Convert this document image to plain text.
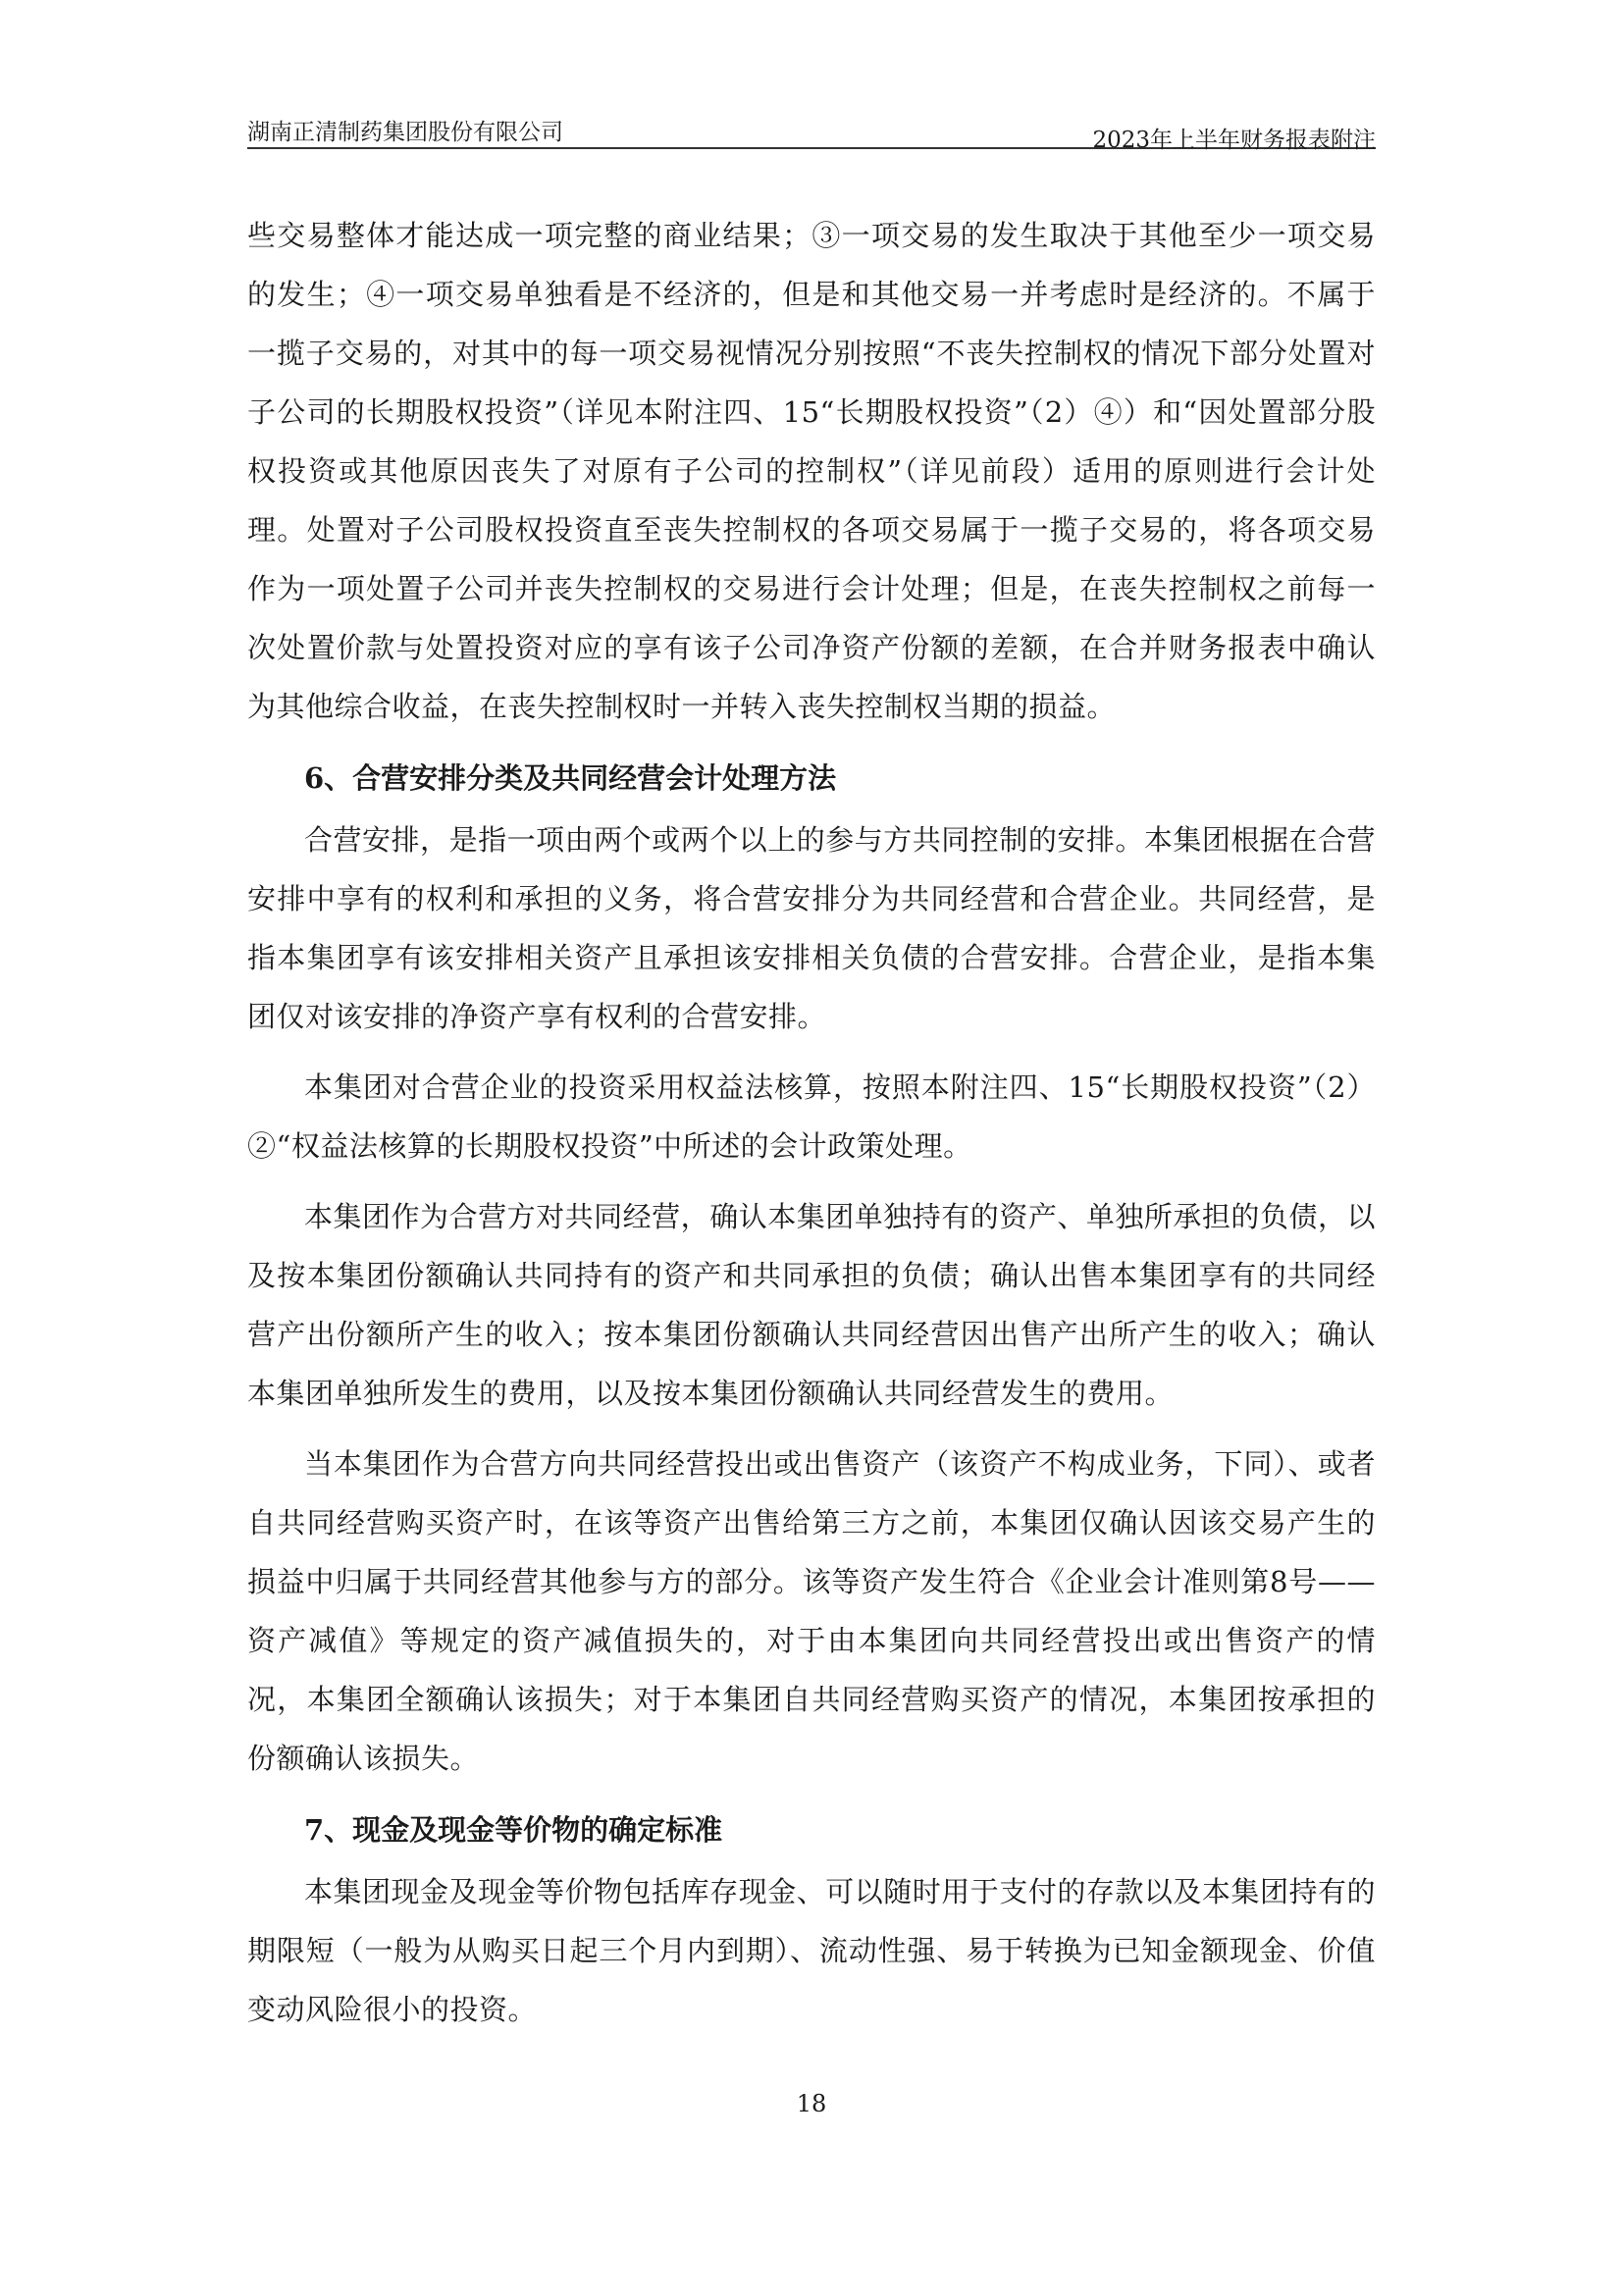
湖南正清制药集团股份有限公司	2023年上半年财务报表附注

些交易整体才能达成一项完整的商业结果；③一项交易的发生取决于其他至少一项交易的发生；④一项交易单独看是不经济的，但是和其他交易一并考虑时是经济的。不属于一揽子交易的，对其中的每一项交易视情况分别按照“不丧失控制权的情况下部分处置对子公司的长期股权投资”（详见本附注四、15“长期股权投资”（2）④）和“因处置部分股权投资或其他原因丧失了对原有子公司的控制权”（详见前段）适用的原则进行会计处理。处置对子公司股权投资直至丧失控制权的各项交易属于一揽子交易的，将各项交易作为一项处置子公司并丧失控制权的交易进行会计处理；但是，在丧失控制权之前每一次处置价款与处置投资对应的享有该子公司净资产份额的差额，在合并财务报表中确认为其他综合收益，在丧失控制权时一并转入丧失控制权当期的损益。

6、合营安排分类及共同经营会计处理方法

合营安排，是指一项由两个或两个以上的参与方共同控制的安排。本集团根据在合营安排中享有的权利和承担的义务，将合营安排分为共同经营和合营企业。共同经营，是指本集团享有该安排相关资产且承担该安排相关负债的合营安排。合营企业，是指本集团仅对该安排的净资产享有权利的合营安排。

本集团对合营企业的投资采用权益法核算，按照本附注四、15“长期股权投资”（2）②“权益法核算的长期股权投资”中所述的会计政策处理。

本集团作为合营方对共同经营，确认本集团单独持有的资产、单独所承担的负债，以及按本集团份额确认共同持有的资产和共同承担的负债；确认出售本集团享有的共同经营产出份额所产生的收入；按本集团份额确认共同经营因出售产出所产生的收入；确认本集团单独所发生的费用，以及按本集团份额确认共同经营发生的费用。

当本集团作为合营方向共同经营投出或出售资产（该资产不构成业务，下同）、或者自共同经营购买资产时，在该等资产出售给第三方之前，本集团仅确认因该交易产生的损益中归属于共同经营其他参与方的部分。该等资产发生符合《企业会计准则第8号——资产减值》等规定的资产减值损失的，对于由本集团向共同经营投出或出售资产的情况，本集团全额确认该损失；对于本集团自共同经营购买资产的情况，本集团按承担的份额确认该损失。

7、现金及现金等价物的确定标准

本集团现金及现金等价物包括库存现金、可以随时用于支付的存款以及本集团持有的期限短（一般为从购买日起三个月内到期）、流动性强、易于转换为已知金额现金、价值变动风险很小的投资。

18
